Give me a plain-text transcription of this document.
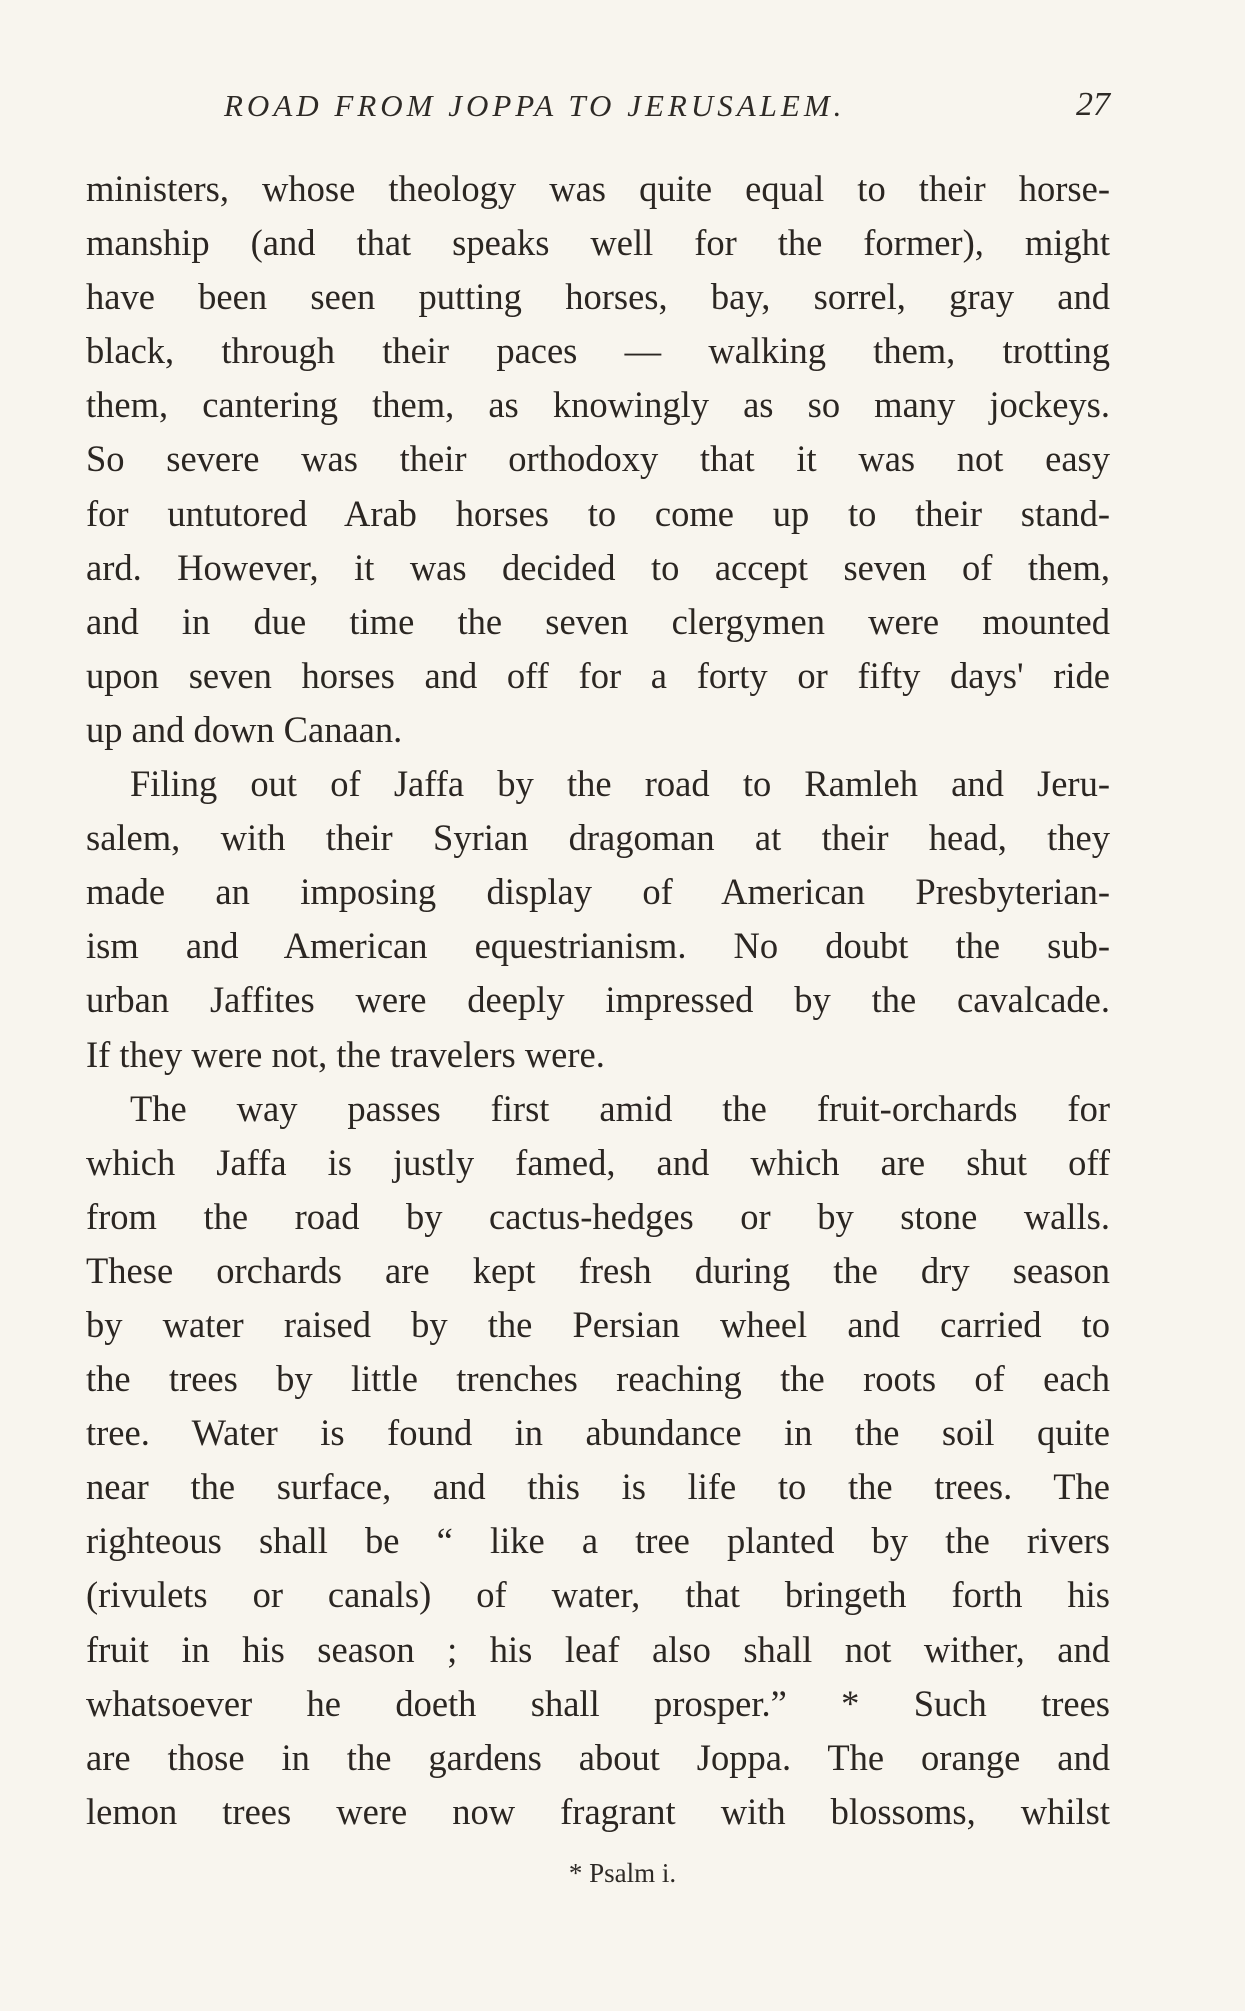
ROAD FROM JOPPA TO JERUSALEM.	27
ministers, whose theology was quite equal to their horse-
manship (and that speaks well for the former), might
have been seen putting horses, bay, sorrel, gray and
black, through their paces — walking them, trotting
them, cantering them, as knowingly as so many jockeys.
So severe was their orthodoxy that it was not easy
for untutored Arab horses to come up to their stand-
ard. However, it was decided to accept seven of them,
and in due time the seven clergymen were mounted
upon seven horses and off for a forty or fifty days' ride
up and down Canaan.
Filing out of Jaffa by the road to Ramleh and Jeru-
salem, with their Syrian dragoman at their head, they
made an imposing display of American Presbyterian-
ism and American equestrianism. No doubt the sub-
urban Jaffites were deeply impressed by the cavalcade.
If they were not, the travelers were.
The way passes first amid the fruit-orchards for
which Jaffa is justly famed, and which are shut off
from the road by cactus-hedges or by stone walls.
These orchards are kept fresh during the dry season
by water raised by the Persian wheel and carried to
the trees by little trenches reaching the roots of each
tree. Water is found in abundance in the soil quite
near the surface, and this is life to the trees. The
righteous shall be “ like a tree planted by the rivers
(rivulets or canals) of water, that bringeth forth his
fruit in his season ; his leaf also shall not wither, and
whatsoever he doeth shall prosper.” * Such trees
are those in the gardens about Joppa. The orange and
lemon trees were now fragrant with blossoms, whilst
* Psalm i.
